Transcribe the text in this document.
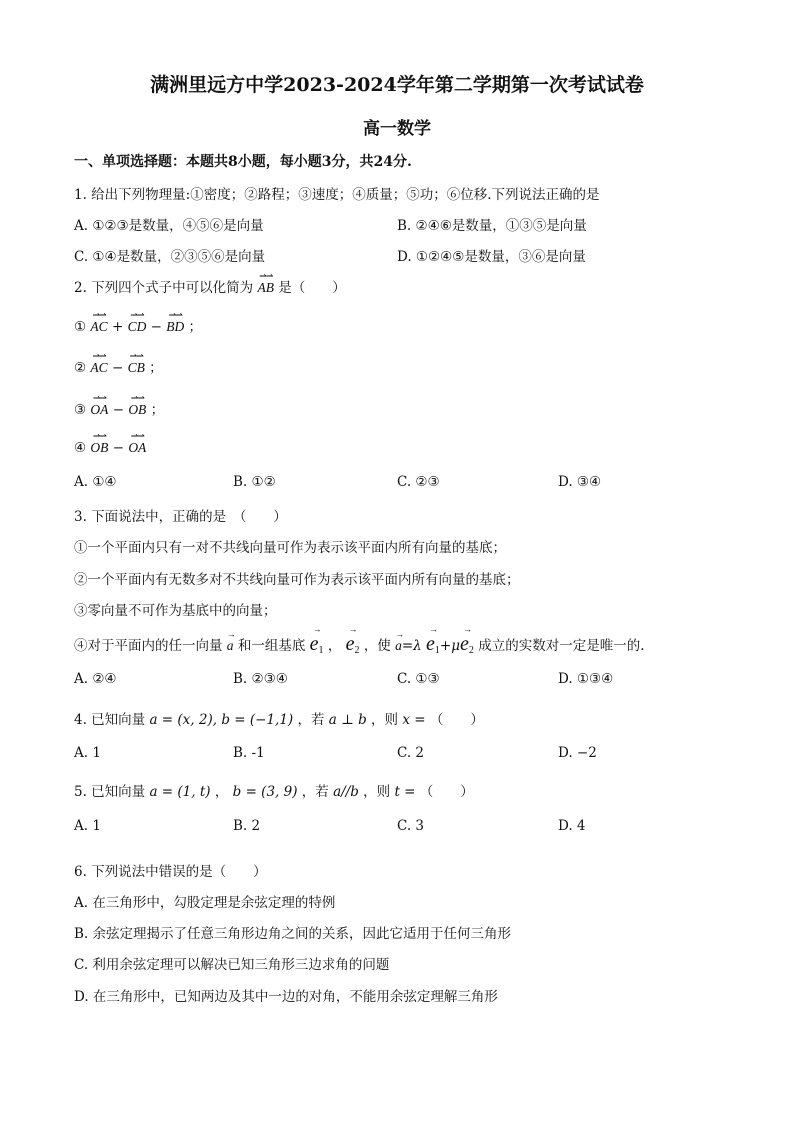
满洲里远方中学2023-2024学年第二学期第一次考试试卷
高一数学
一、单项选择题：本题共8小题，每小题3分，共24分.
1. 给出下列物理量:①密度；②路程；③速度；④质量；⑤功；⑥位移.下列说法正确的是
A. ①②③是数量，④⑤⑥是向量	B. ②④⑥是数量，①③⑤是向量
C. ①④是数量，②③⑤⑥是向量	D. ①②④⑤是数量，③⑥是向量
2. 下列四个式子中可以化简为
⇀⇀
AB 是（　　）
①
⇀⇀
AC +
⇀⇀
CD −
⇀⇀
BD ；
②
⇀⇀
AC −
⇀⇀
CB ；
③
⇀⇀
OA −
⇀⇀
OB ；
④
⇀⇀
OB −
⇀⇀
OA
A. ①④	B. ①②	C. ②③	D. ③④
3. 下面说法中，正确的是　（　　）
①一个平面内只有一对不共线向量可作为表示该平面内所有向量的基底；
②一个平面内有无数多对不共线向量可作为表示该平面内所有向量的基底；
③零向量不可作为基底中的向量；
④对于平面内的任一向量
→
a 和一组基底
→
$e_1$ ，
→
$e_2$ ，使
→
a=λ
→
$e_1+\mu$
→
$e_2$ 成立的实数对一定是唯一的.
A. ②④	B. ②③④	C. ①③	D. ①③④
4. 已知向量 a = (x, 2), b = (−1,1) ，若 a ⊥ b ，则 x = （　　）
A. 1	B. -1	C. 2	D. −2
5. 已知向量 a = (1, t) ， b = (3, 9) ，若 a//b ，则 t = （　　）
A. 1	B. 2	C. 3	D. 4
6. 下列说法中错误的是（　　）
A. 在三角形中，勾股定理是余弦定理的特例
B. 余弦定理揭示了任意三角形边角之间的关系，因此它适用于任何三角形
C. 利用余弦定理可以解决已知三角形三边求角的问题
D. 在三角形中，已知两边及其中一边的对角，不能用余弦定理解三角形
